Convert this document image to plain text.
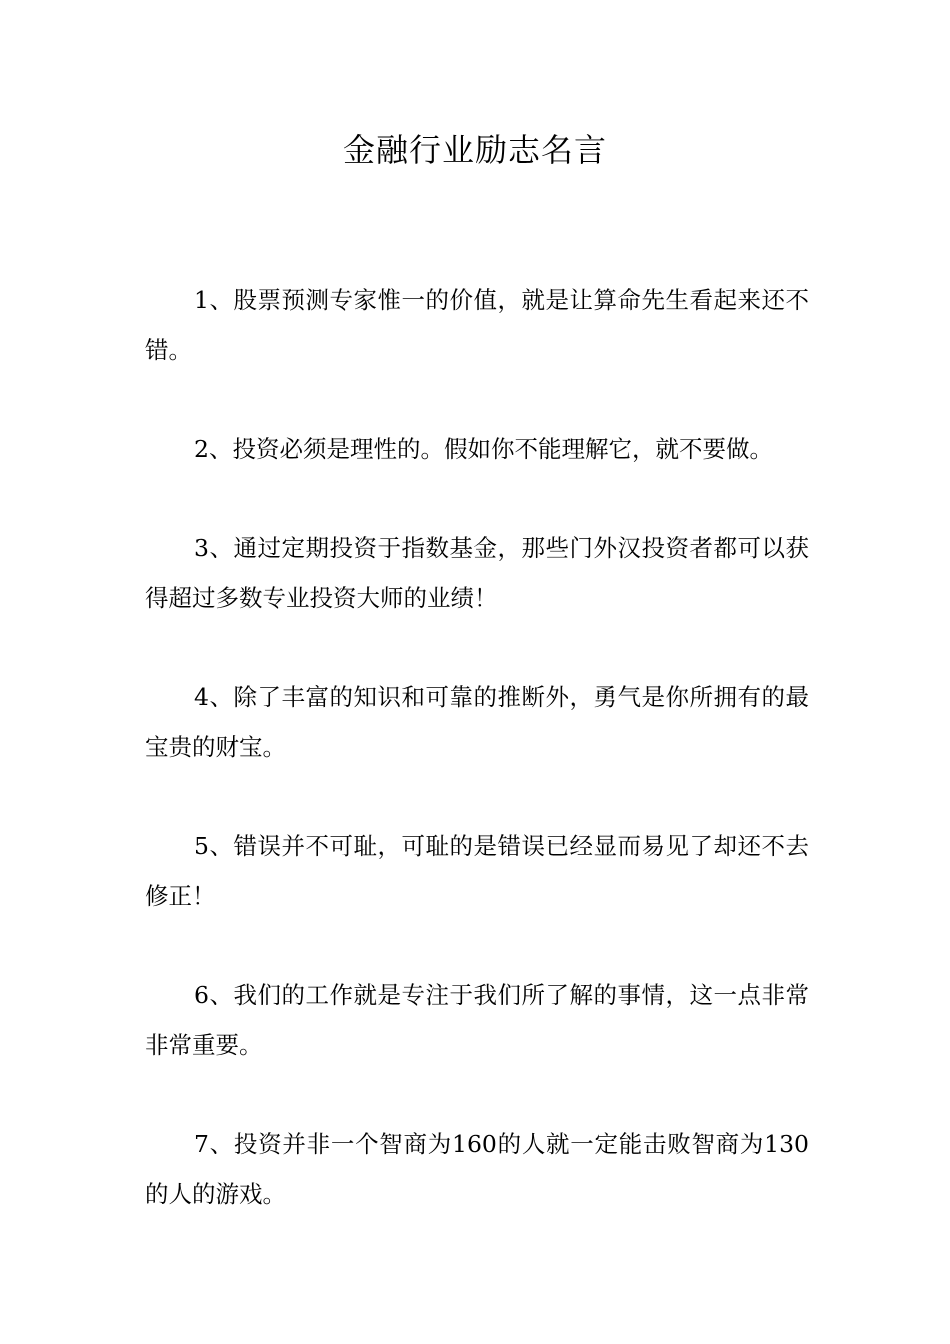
金融行业励志名言

1、股票预测专家惟一的价值，就是让算命先生看起来还不错。

2、投资必须是理性的。假如你不能理解它，就不要做。

3、通过定期投资于指数基金，那些门外汉投资者都可以获得超过多数专业投资大师的业绩！

4、除了丰富的知识和可靠的推断外，勇气是你所拥有的最宝贵的财宝。

5、错误并不可耻，可耻的是错误已经显而易见了却还不去修正！

6、我们的工作就是专注于我们所了解的事情，这一点非常非常重要。

7、投资并非一个智商为160的人就一定能击败智商为130的人的游戏。
